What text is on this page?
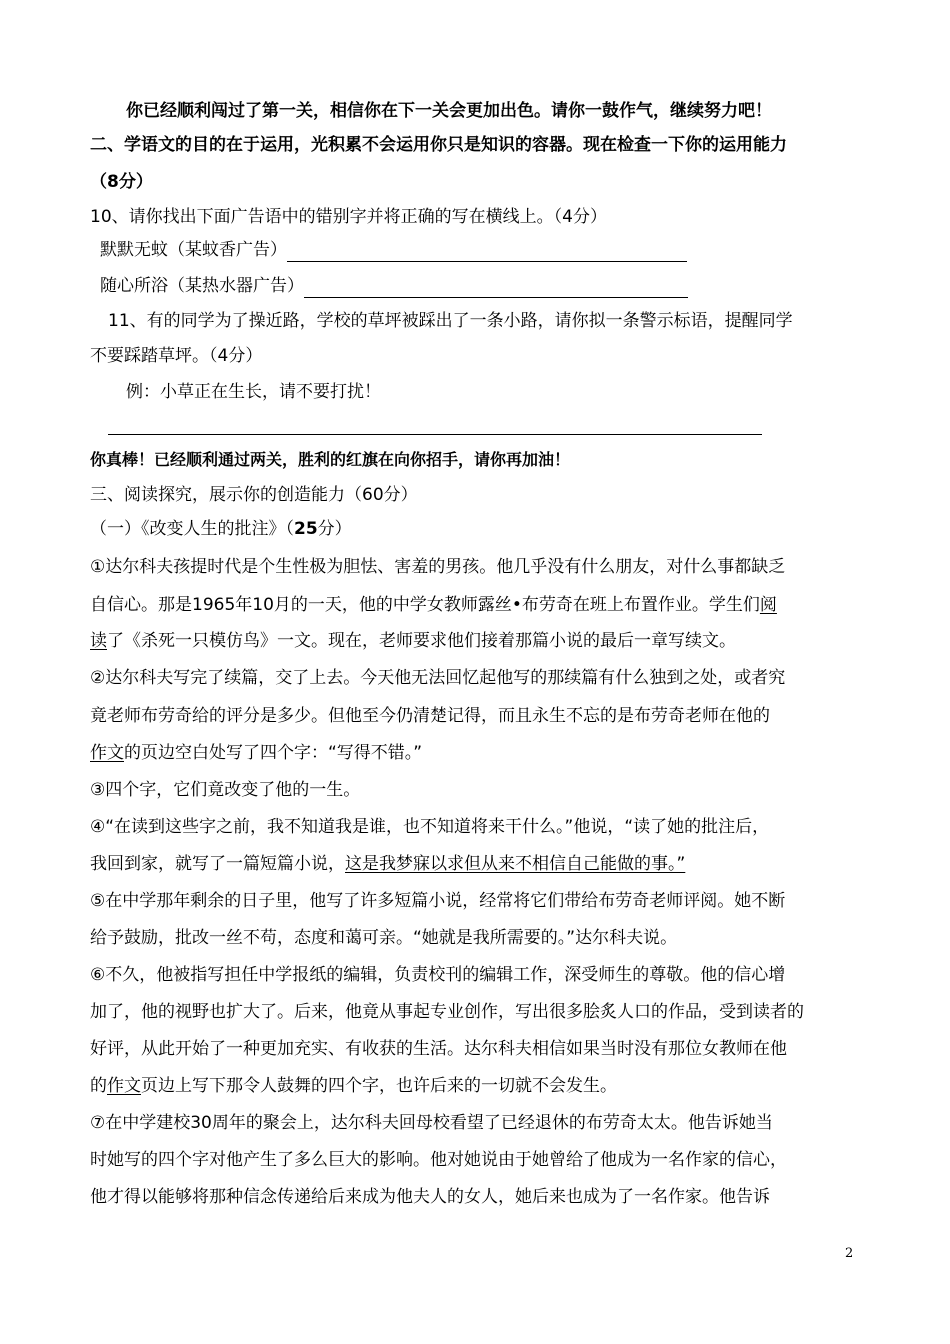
你已经顺利闯过了第一关，相信你在下一关会更加出色。请你一鼓作气，继续努力吧！
二、学语文的目的在于运用，光积累不会运用你只是知识的容器。现在检查一下你的运用能力
（8分）
10、请你找出下面广告语中的错别字并将正确的写在横线上。（4分）
默默无蚊（某蚊香广告）
随心所浴（某热水器广告）
11、有的同学为了操近路，学校的草坪被踩出了一条小路，请你拟一条警示标语，提醒同学
不要踩踏草坪。（4分）
例：小草正在生长，请不要打扰！
你真棒！已经顺利通过两关，胜利的红旗在向你招手，请你再加油！
三、阅读探究，展示你的创造能力（60分）
（一）《改变人生的批注》（25分）
①达尔科夫孩提时代是个生性极为胆怯、害羞的男孩。他几乎没有什么朋友，对什么事都缺乏
自信心。那是1965年10月的一天，他的中学女教师露丝•布劳奇在班上布置作业。学生们阅
读了《杀死一只模仿鸟》一文。现在，老师要求他们接着那篇小说的最后一章写续文。
②达尔科夫写完了续篇，交了上去。今天他无法回忆起他写的那续篇有什么独到之处，或者究
竟老师布劳奇给的评分是多少。但他至今仍清楚记得，而且永生不忘的是布劳奇老师在他的
作文的页边空白处写了四个字：“写得不错。”
③四个字，它们竟改变了他的一生。
④“在读到这些字之前，我不知道我是谁，也不知道将来干什么。”他说，“读了她的批注后，
我回到家，就写了一篇短篇小说，这是我梦寐以求但从来不相信自己能做的事。”
⑤在中学那年剩余的日子里，他写了许多短篇小说，经常将它们带给布劳奇老师评阅。她不断
给予鼓励，批改一丝不苟，态度和蔼可亲。“她就是我所需要的。”达尔科夫说。
⑥不久，他被指写担任中学报纸的编辑，负责校刊的编辑工作，深受师生的尊敬。他的信心增
加了，他的视野也扩大了。后来，他竟从事起专业创作，写出很多脍炙人口的作品，受到读者的
好评，从此开始了一种更加充实、有收获的生活。达尔科夫相信如果当时没有那位女教师在他
的作文页边上写下那令人鼓舞的四个字，也许后来的一切就不会发生。
⑦在中学建校30周年的聚会上，达尔科夫回母校看望了已经退休的布劳奇太太。他告诉她当
时她写的四个字对他产生了多么巨大的影响。他对她说由于她曾给了他成为一名作家的信心，
他才得以能够将那种信念传递给后来成为他夫人的女人，她后来也成为了一名作家。他告诉
2
